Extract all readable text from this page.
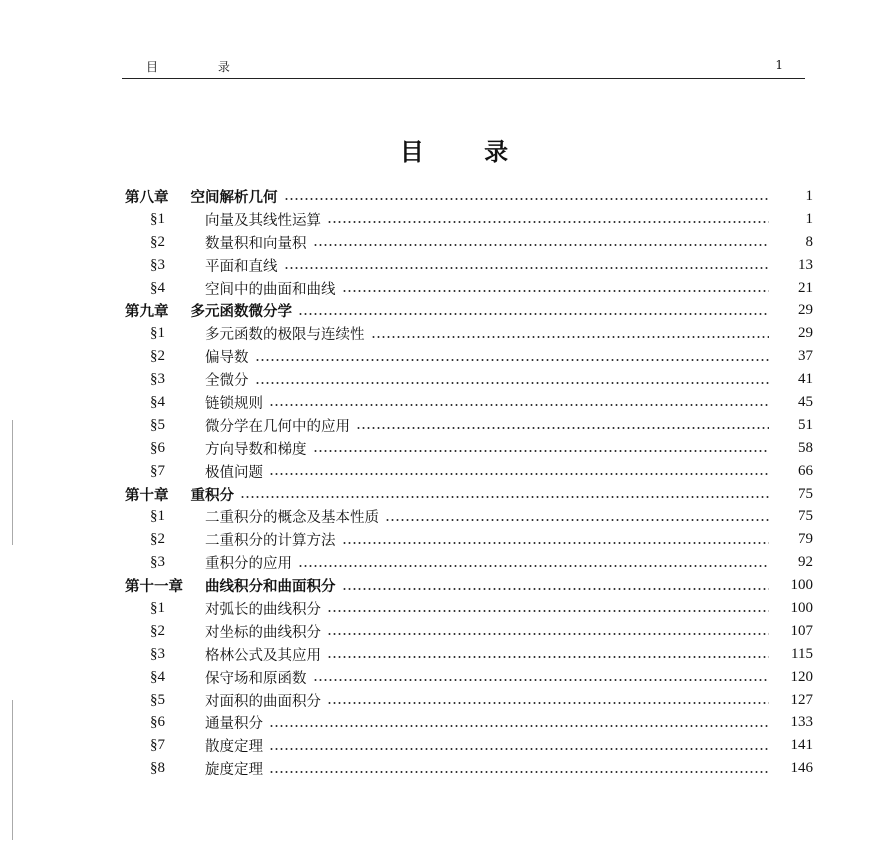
目 录	1
目 录
第八章 空间解析几何	1
§1	向量及其线性运算	1
§2	数量积和向量积	8
§3	平面和直线	13
§4	空间中的曲面和曲线	21
第九章 多元函数微分学	29
§1	多元函数的极限与连续性	29
§2	偏导数	37
§3	全微分	41
§4	链锁规则	45
§5	微分学在几何中的应用	51
§6	方向导数和梯度	58
§7	极值问题	66
第十章 重积分	75
§1	二重积分的概念及基本性质	75
§2	二重积分的计算方法	79
§3	重积分的应用	92
第十一章 曲线积分和曲面积分	100
§1	对弧长的曲线积分	100
§2	对坐标的曲线积分	107
§3	格林公式及其应用	115
§4	保守场和原函数	120
§5	对面积的曲面积分	127
§6	通量积分	133
§7	散度定理	141
§8	旋度定理	146
